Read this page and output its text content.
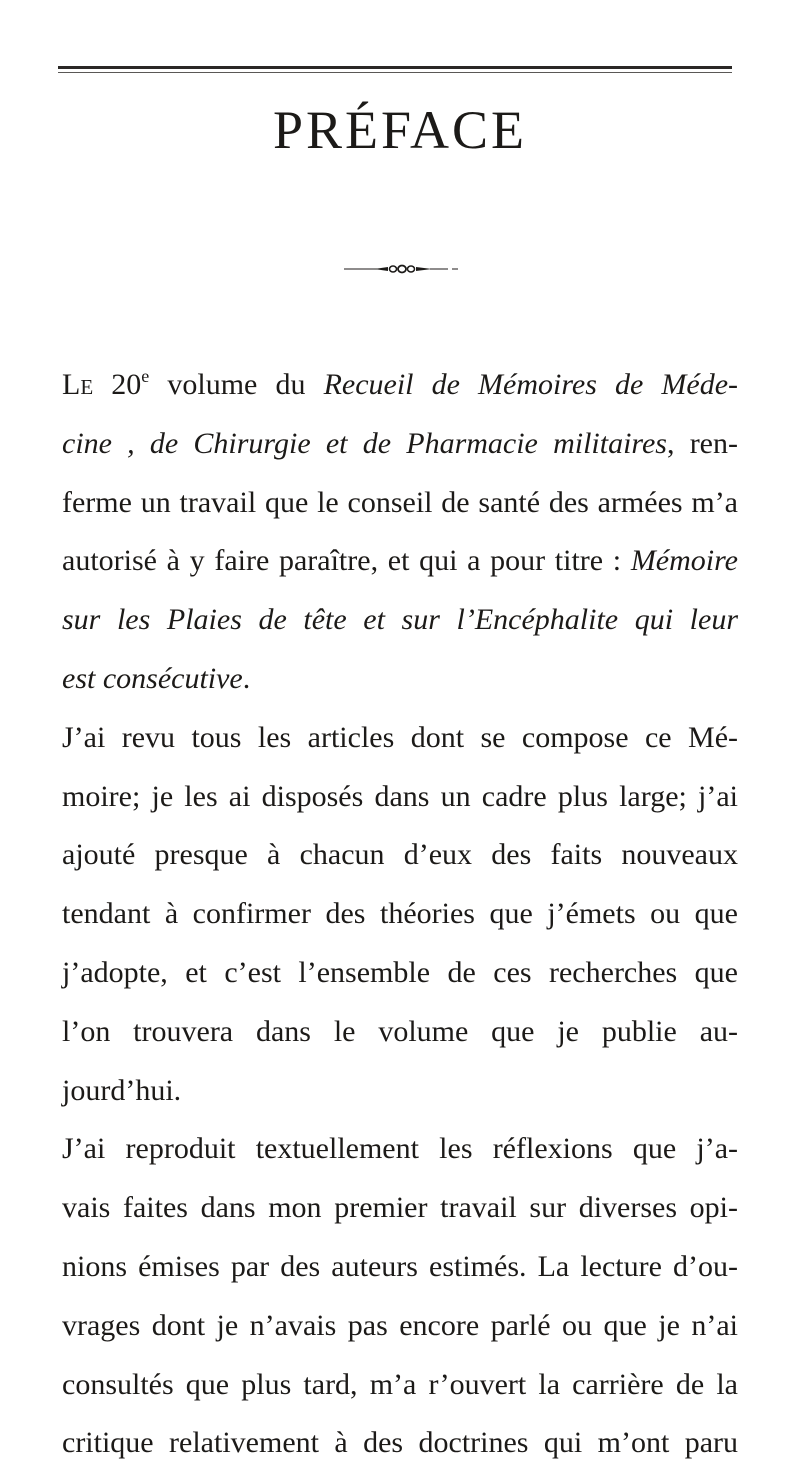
PRÉFACE
Le 20e volume du Recueil de Mémoires de Méde-
cine , de Chirurgie et de Pharmacie militaires, ren-
ferme un travail que le conseil de santé des armées m’a
autorisé à y faire paraître, et qui a pour titre : Mémoire
sur les Plaies de tête et sur l’Encéphalite qui leur
est consécutive.
J’ai revu tous les articles dont se compose ce Mé-
moire; je les ai disposés dans un cadre plus large; j’ai
ajouté presque à chacun d’eux des faits nouveaux
tendant à confirmer des théories que j’émets ou que
j’adopte, et c’est l’ensemble de ces recherches que
l’on trouvera dans le volume que je publie au-
jourd’hui.
J’ai reproduit textuellement les réflexions que j’a-
vais faites dans mon premier travail sur diverses opi-
nions émises par des auteurs estimés. La lecture d’ou-
vrages dont je n’avais pas encore parlé ou que je n’ai
consultés que plus tard, m’a r’ouvert la carrière de la
critique relativement à des doctrines qui m’ont paru
